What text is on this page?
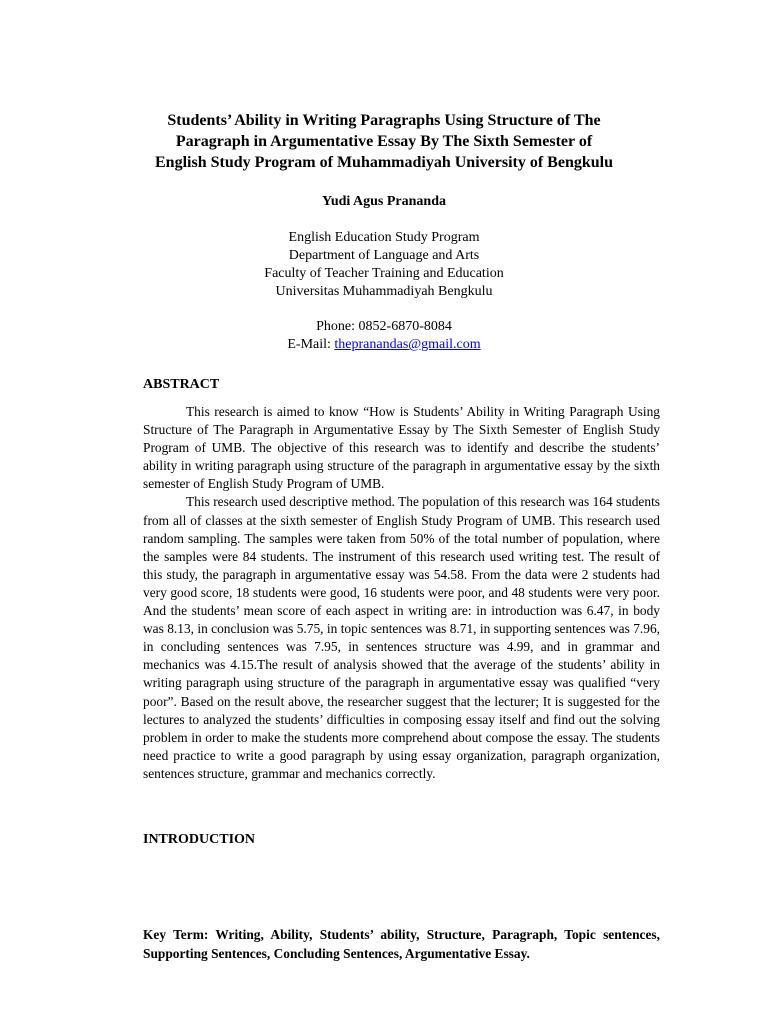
Students’ Ability in Writing Paragraphs Using Structure of The
Paragraph in Argumentative Essay By The Sixth Semester of
English Study Program of Muhammadiyah University of Bengkulu
Yudi Agus Prananda
English Education Study Program
Department of Language and Arts
Faculty of Teacher Training and Education
Universitas Muhammadiyah Bengkulu
Phone: 0852-6870-8084
E-Mail: thepranandas@gmail.com
ABSTRACT

This research is aimed to know “How is Students’ Ability in Writing Paragraph Using Structure of The Paragraph in Argumentative Essay by The Sixth Semester of English Study Program of UMB. The objective of this research was to identify and describe the students’ ability in writing paragraph using structure of the paragraph in argumentative essay by the sixth semester of English Study Program of UMB.

This research used descriptive method. The population of this research was 164 students from all of classes at the sixth semester of English Study Program of UMB. This research used random sampling. The samples were taken from 50% of the total number of population, where the samples were 84 students. The instrument of this research used writing test. The result of this study, the paragraph in argumentative essay was 54.58. From the data were 2 students had very good score, 18 students were good, 16 students were poor, and 48 students were very poor. And the students’ mean score of each aspect in writing are: in introduction was 6.47, in body was 8.13, in conclusion was 5.75, in topic sentences was 8.71, in supporting sentences was 7.96, in concluding sentences was 7.95, in sentences structure was 4.99, and in grammar and mechanics was 4.15.The result of analysis showed that the average of the students’ ability in writing paragraph using structure of the paragraph in argumentative essay was qualified “very poor”. Based on the result above, the researcher suggest that the lecturer; It is suggested for the lectures to analyzed the students’ difficulties in composing essay itself and find out the solving problem in order to make the students more comprehend about compose the essay. The students need practice to write a good paragraph by using essay organization, paragraph organization, sentences structure, grammar and mechanics correctly.

INTRODUCTION

Key Term: Writing, Ability, Students’ ability, Structure, Paragraph, Topic sentences, Supporting Sentences, Concluding Sentences, Argumentative Essay.
